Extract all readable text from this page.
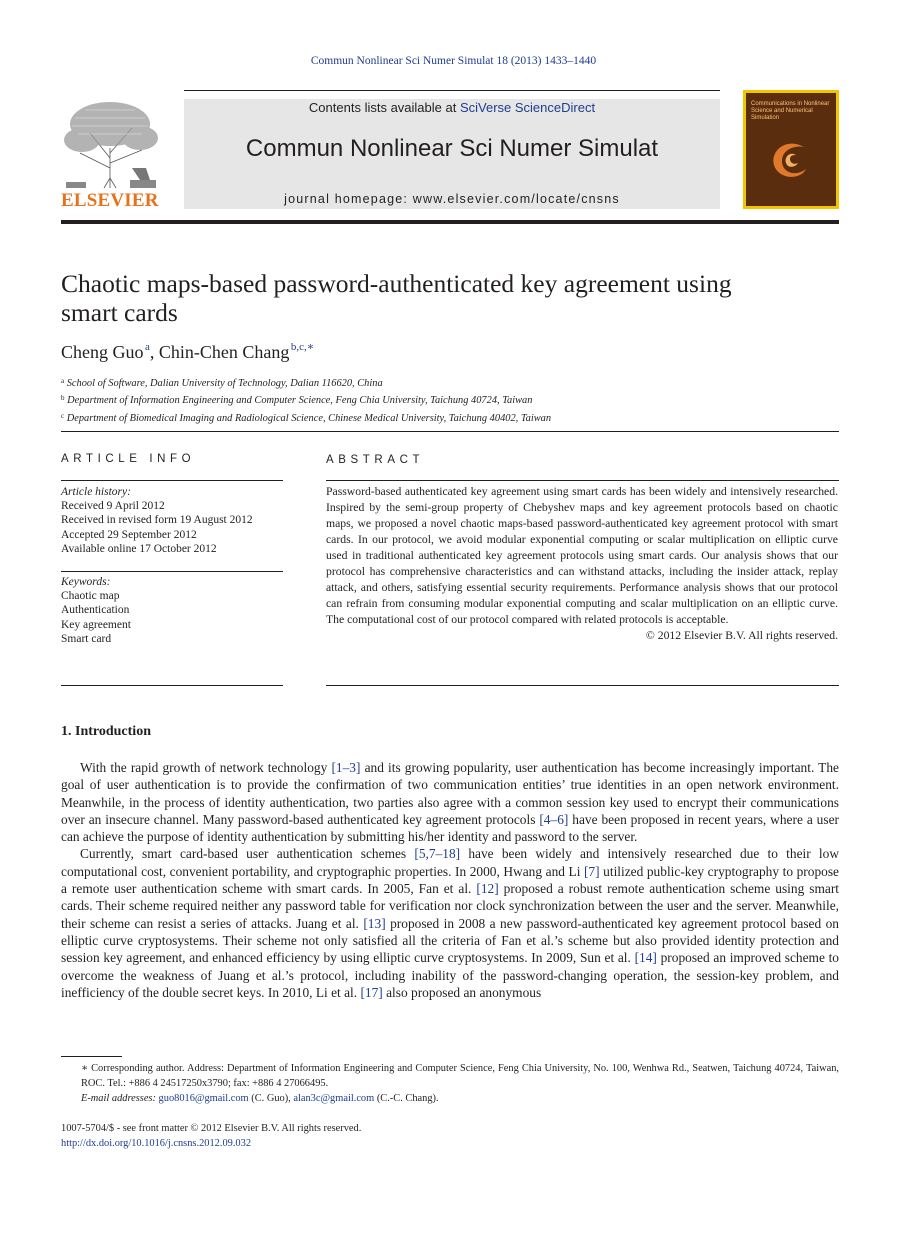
Commun Nonlinear Sci Numer Simulat 18 (2013) 1433–1440
ELSEVIER
Contents lists available at SciVerse ScienceDirect
Commun Nonlinear Sci Numer Simulat
journal homepage: www.elsevier.com/locate/cnsns
Communications in Nonlinear Science and Numerical Simulation
Chaotic maps-based password-authenticated key agreement using smart cards
Cheng Guo  $^a$, Chin-Chen Chang  $^{b,c,∗}$
$^a$ School of Software, Dalian University of Technology, Dalian 116620, China
$^b$ Department of Information Engineering and Computer Science, Feng Chia University, Taichung 40724, Taiwan
$^c$ Department of Biomedical Imaging and Radiological Science, Chinese Medical University, Taichung 40402, Taiwan
ARTICLE INFO	ABSTRACT
Article history:
Received 9 April 2012
Received in revised form 19 August 2012
Accepted 29 September 2012
Available online 17 October 2012
Keywords:
Chaotic map
Authentication
Key agreement
Smart card
Password-based authenticated key agreement using smart cards has been widely and intensively researched. Inspired by the semi-group property of Chebyshev maps and key agreement protocols based on chaotic maps, we proposed a novel chaotic maps-based password-authenticated key agreement protocol with smart cards. In our protocol, we avoid modular exponential computing or scalar multiplication on elliptic curve used in traditional authenticated key agreement protocols using smart cards. Our analysis shows that our protocol has comprehensive characteristics and can withstand attacks, including the insider attack, replay attack, and others, satisfying essential security requirements. Performance analysis shows that our protocol can refrain from consuming modular exponential computing and scalar multiplication on an elliptic curve. The computational cost of our protocol compared with related protocols is acceptable.
© 2012 Elsevier B.V. All rights reserved.
1. Introduction

With the rapid growth of network technology [1–3] and its growing popularity, user authentication has become increasingly important. The goal of user authentication is to provide the confirmation of two communication entities’ true identities in an open network environment. Meanwhile, in the process of identity authentication, two parties also agree with a common session key used to encrypt their communications over an insecure channel. Many password-based authenticated key agreement protocols [4–6] have been proposed in recent years, where a user can achieve the purpose of identity authentication by submitting his/her identity and password to the server.

Currently, smart card-based user authentication schemes [5,7–18] have been widely and intensively researched due to their low computational cost, convenient portability, and cryptographic properties. In 2000, Hwang and Li [7] utilized public-key cryptography to propose a remote user authentication scheme with smart cards. In 2005, Fan et al. [12] proposed a robust remote authentication scheme using smart cards. Their scheme required neither any password table for verification nor clock synchronization between the user and the server. Meanwhile, their scheme can resist a series of attacks. Juang et al. [13] proposed in 2008 a new password-authenticated key agreement protocol based on elliptic curve cryptosystems. Their scheme not only satisfied all the criteria of Fan et al.’s scheme but also provided identity protection and session key agreement, and enhanced efficiency by using elliptic curve cryptosystems. In 2009, Sun et al. [14] proposed an improved scheme to overcome the weakness of Juang et al.’s protocol, including inability of the password-changing operation, the session-key problem, and inefficiency of the double secret keys. In 2010, Li et al. [17] also proposed an anonymous

∗ Corresponding author. Address: Department of Information Engineering and Computer Science, Feng Chia University, No. 100, Wenhwa Rd., Seatwen, Taichung 40724, Taiwan, ROC. Tel.: +886 4 24517250x3790; fax: +886 4 27066495.
E-mail addresses: guo8016@gmail.com (C. Guo), alan3c@gmail.com (C.-C. Chang).
1007-5704/$ - see front matter © 2012 Elsevier B.V. All rights reserved.
http://dx.doi.org/10.1016/j.cnsns.2012.09.032
